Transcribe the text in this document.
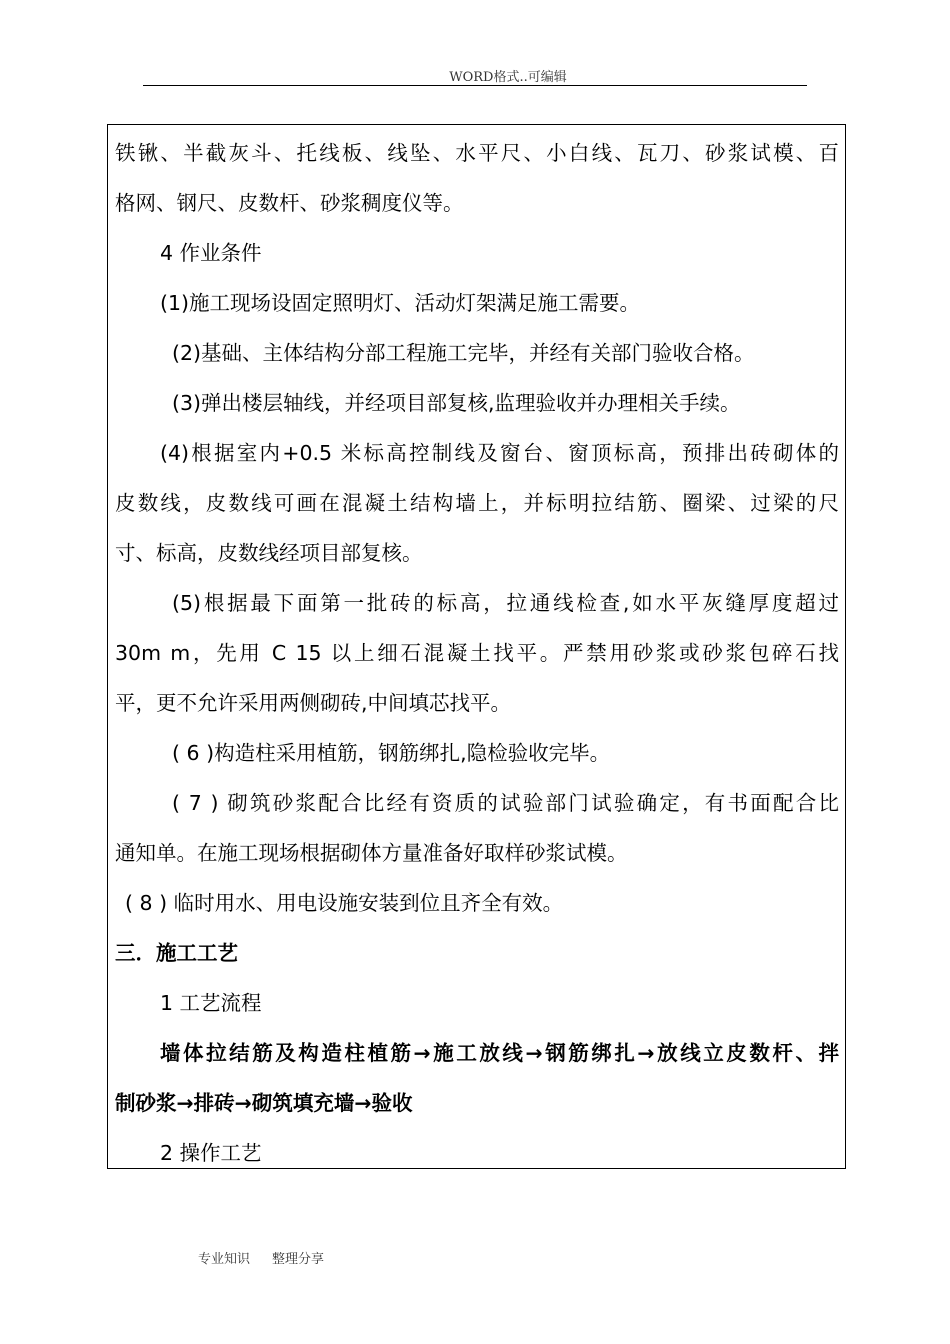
WORD格式..可编辑
铁锹、半截灰斗、托线板、线坠、水平尺、小白线、瓦刀、砂浆试模、百
格网、钢尺、皮数杆、砂浆稠度仪等。
4 作业条件
(1)施工现场设固定照明灯、活动灯架满足施工需要。
(2)基础、主体结构分部工程施工完毕，并经有关部门验收合格。
(3)弹出楼层轴线，并经项目部复核,监理验收并办理相关手续。
(4)根据室内+0.5 米标高控制线及窗台、窗顶标高，预排出砖砌体的
皮数线，皮数线可画在混凝土结构墙上，并标明拉结筋、圈梁、过梁的尺
寸、标高，皮数线经项目部复核。
(5)根据最下面第一批砖的标高，拉通线检查,如水平灰缝厚度超过
30m m，先用 C 15 以上细石混凝土找平。严禁用砂浆或砂浆包碎石找
平，更不允许采用两侧砌砖,中间填芯找平。
( 6 )构造柱采用植筋，钢筋绑扎,隐检验收完毕。
( 7 ) 砌筑砂浆配合比经有资质的试验部门试验确定，有书面配合比
通知单。在施工现场根据砌体方量准备好取样砂浆试模。
( 8 ) 临时用水、用电设施安装到位且齐全有效。
三．施工工艺
1 工艺流程
墙体拉结筋及构造柱植筋→施工放线→钢筋绑扎→放线立皮数杆、拌
制砂浆→排砖→砌筑填充墙→验收
2 操作工艺
专业知识 整理分享
